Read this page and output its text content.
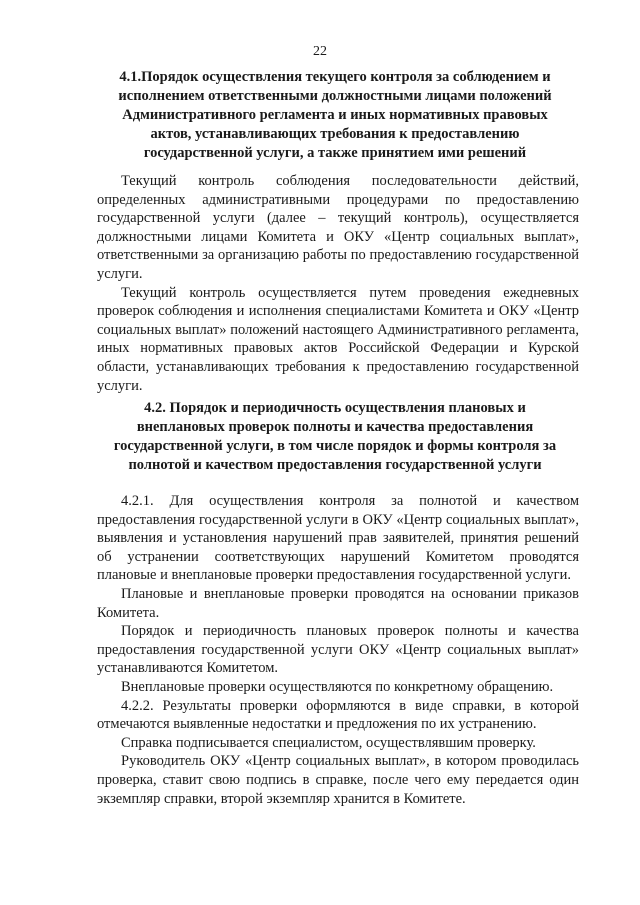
22
4.1.Порядок осуществления текущего контроля за соблюдением и исполнением ответственными должностными лицами положений Административного регламента и иных нормативных правовых актов, устанавливающих требования к предоставлению государственной услуги, а также принятием ими решений

Текущий контроль соблюдения последовательности действий, определенных административными процедурами по предоставлению государственной услуги (далее – текущий контроль), осуществляется должностными лицами Комитета и ОКУ «Центр социальных выплат», ответственными за организацию работы по предоставлению государственной услуги.

Текущий контроль осуществляется путем проведения ежедневных проверок соблюдения и исполнения специалистами Комитета и ОКУ «Центр социальных выплат» положений настоящего Административного регламента, иных нормативных правовых актов Российской Федерации и Курской области, устанавливающих требования к предоставлению государственной услуги.

4.2. Порядок и периодичность осуществления плановых и внеплановых проверок полноты и качества предоставления государственной услуги, в том числе порядок и формы контроля за полнотой и качеством предоставления государственной услуги

4.2.1. Для осуществления контроля за полнотой и качеством предоставления государственной услуги в ОКУ «Центр социальных выплат», выявления и установления нарушений прав заявителей, принятия решений об устранении соответствующих нарушений Комитетом проводятся плановые и внеплановые проверки предоставления государственной услуги.

Плановые и внеплановые проверки проводятся на основании приказов Комитета.

Порядок и периодичность плановых проверок полноты и качества предоставления государственной услуги ОКУ «Центр социальных выплат» устанавливаются Комитетом.

Внеплановые проверки осуществляются по конкретному обращению.

4.2.2. Результаты проверки оформляются в виде справки, в которой отмечаются выявленные недостатки и предложения по их устранению.

Справка подписывается специалистом, осуществлявшим проверку.

Руководитель ОКУ «Центр социальных выплат», в котором проводилась проверка, ставит свою подпись в справке, после чего ему передается один экземпляр справки, второй экземпляр хранится в Комитете.
